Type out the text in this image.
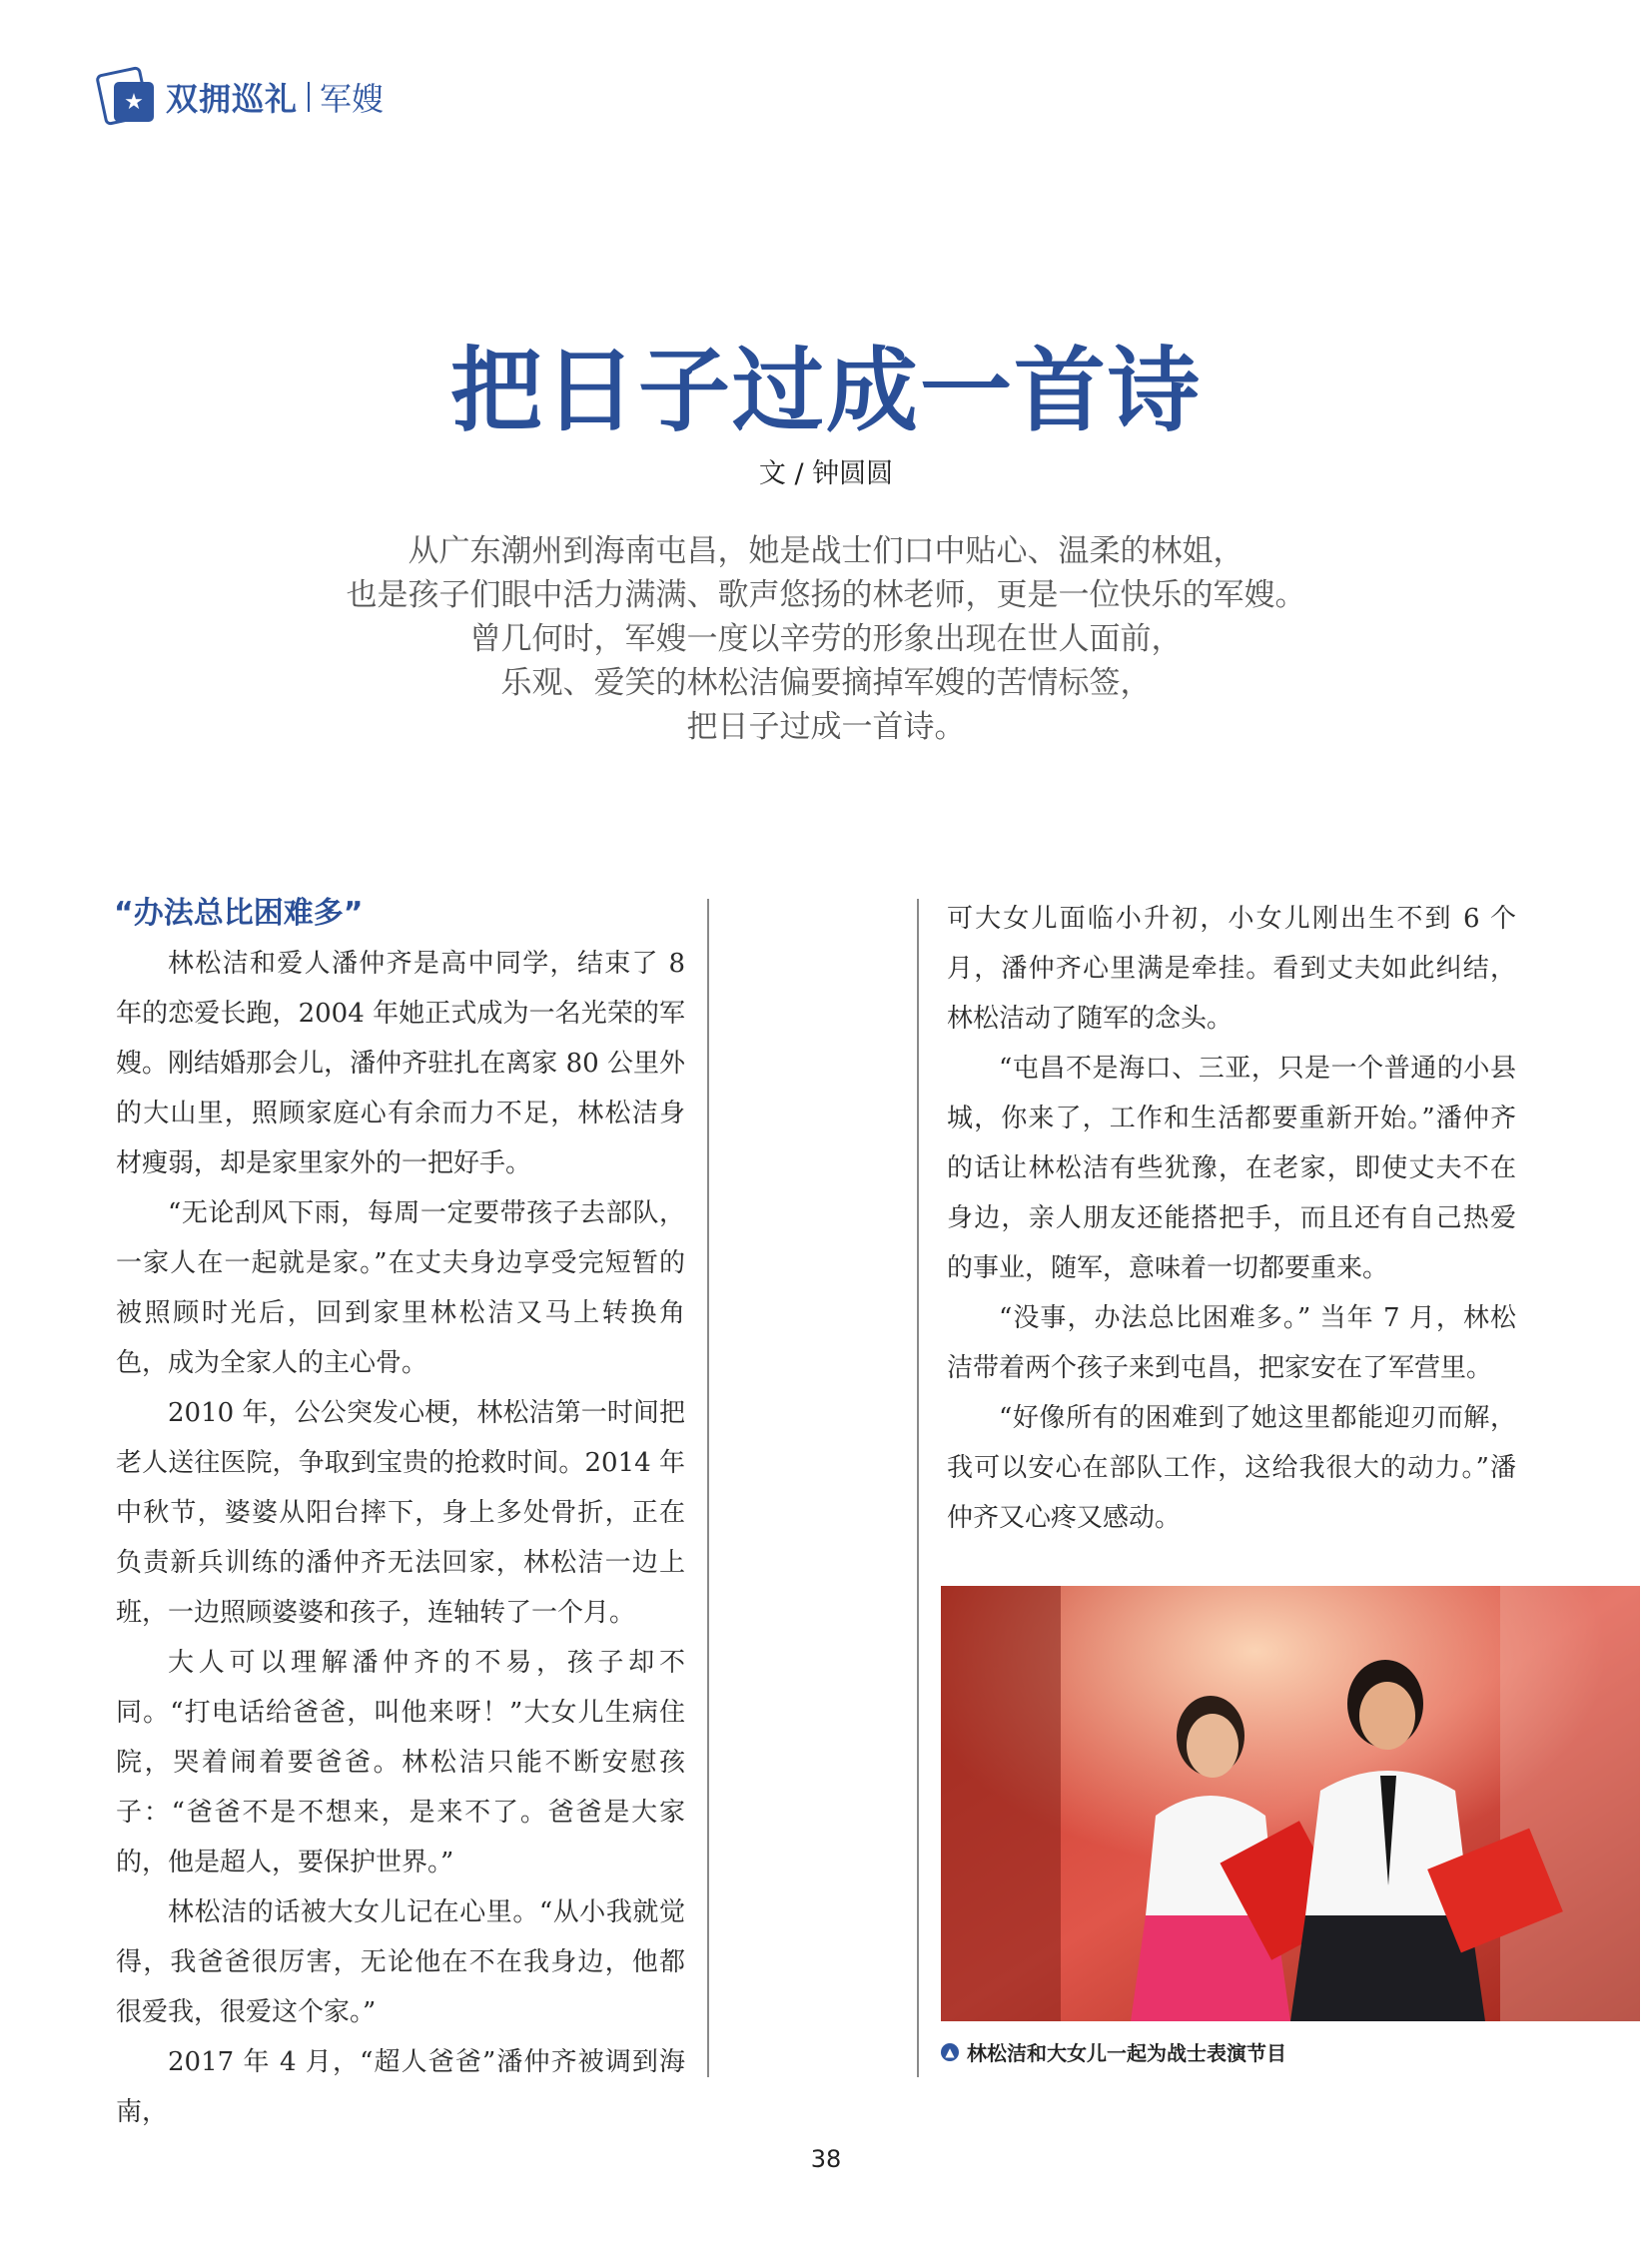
★ 双拥巡礼 军嫂
把日子过成一首诗
文 / 钟圆圆
从广东潮州到海南屯昌，她是战士们口中贴心、温柔的林姐，
也是孩子们眼中活力满满、歌声悠扬的林老师，更是一位快乐的军嫂。
曾几何时，军嫂一度以辛劳的形象出现在世人面前，
乐观、爱笑的林松洁偏要摘掉军嫂的苦情标签，
把日子过成一首诗。
“办法总比困难多”

林松洁和爱人潘仲齐是高中同学，结束了 8 年的恋爱长跑，2004 年她正式成为一名光荣的军嫂。刚结婚那会儿，潘仲齐驻扎在离家 80 公里外的大山里，照顾家庭心有余而力不足，林松洁身材瘦弱，却是家里家外的一把好手。

“无论刮风下雨，每周一定要带孩子去部队，一家人在一起就是家。”在丈夫身边享受完短暂的被照顾时光后，回到家里林松洁又马上转换角色，成为全家人的主心骨。

2010 年，公公突发心梗，林松洁第一时间把老人送往医院，争取到宝贵的抢救时间。2014 年中秋节，婆婆从阳台摔下，身上多处骨折，正在负责新兵训练的潘仲齐无法回家，林松洁一边上班，一边照顾婆婆和孩子，连轴转了一个月。

大人可以理解潘仲齐的不易，孩子却不同。“打电话给爸爸，叫他来呀！”大女儿生病住院，哭着闹着要爸爸。林松洁只能不断安慰孩子：“爸爸不是不想来，是来不了。爸爸是大家的，他是超人，要保护世界。”

林松洁的话被大女儿记在心里。“从小我就觉得，我爸爸很厉害，无论他在不在我身边，他都很爱我，很爱这个家。”

2017 年 4 月，“超人爸爸”潘仲齐被调到海南，

可大女儿面临小升初，小女儿刚出生不到 6 个月，潘仲齐心里满是牵挂。看到丈夫如此纠结，林松洁动了随军的念头。

“屯昌不是海口、三亚，只是一个普通的小县城，你来了，工作和生活都要重新开始。”潘仲齐的话让林松洁有些犹豫，在老家，即使丈夫不在身边，亲人朋友还能搭把手，而且还有自己热爱的事业，随军，意味着一切都要重来。

“没事，办法总比困难多。” 当年 7 月，林松洁带着两个孩子来到屯昌，把家安在了军营里。

“好像所有的困难到了她这里都能迎刃而解，我可以安心在部队工作，这给我很大的动力。”潘仲齐又心疼又感动。

▲ 林松洁和大女儿一起为战士表演节目
38
